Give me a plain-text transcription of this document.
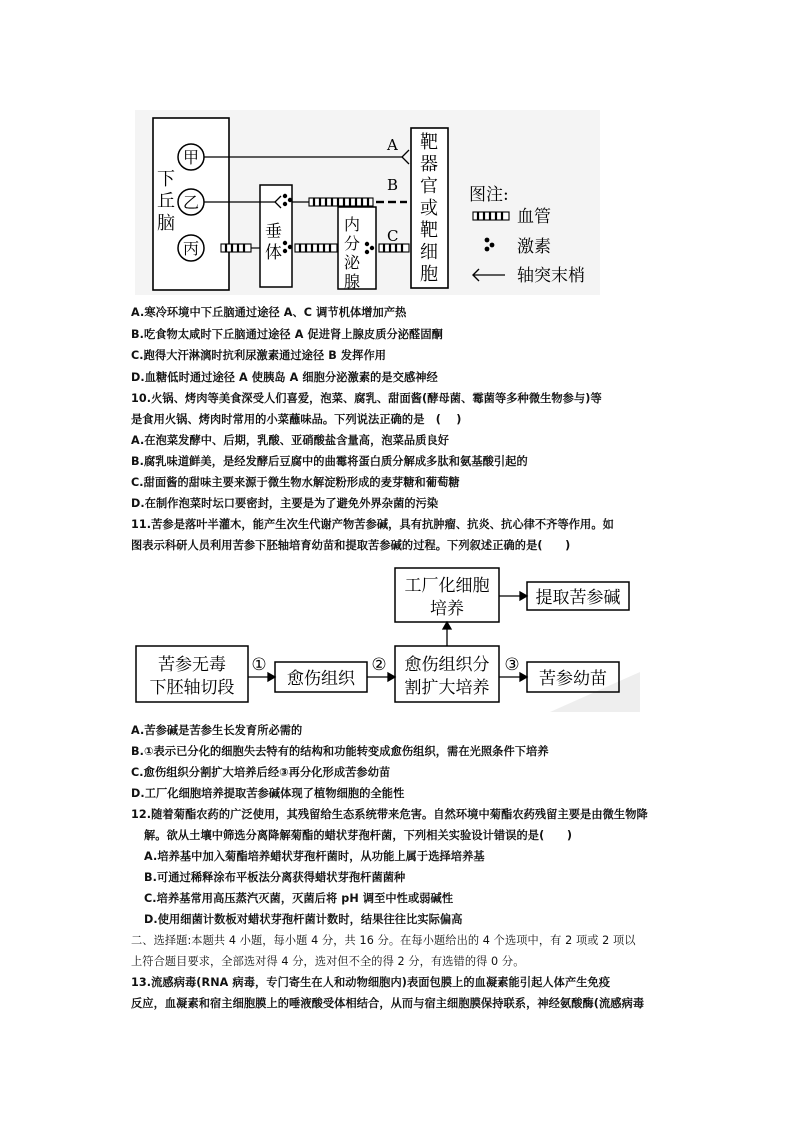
下
丘
脑
甲
乙
丙
A
垂
体
B
内
分
泌
腺
C
靶
器
官
或
靶
细
胞
图注:
血管
激素
轴突末梢
A.寒冷环境中下丘脑通过途径 A、C 调节机体增加产热
B.吃食物太咸时下丘脑通过途径 A 促进肾上腺皮质分泌醛固酮
C.跑得大汗淋漓时抗利尿激素通过途径 B 发挥作用
D.血糖低时通过途径 A 使胰岛 A 细胞分泌激素的是交感神经
10.火锅、烤肉等美食深受人们喜爱，泡菜、腐乳、甜面酱(酵母菌、霉菌等多种微生物参与)等
是食用火锅、烤肉时常用的小菜蘸味品。下列说法正确的是　(　 )
A.在泡菜发酵中、后期，乳酸、亚硝酸盐含量高，泡菜品质良好
B.腐乳味道鲜美，是经发酵后豆腐中的曲霉将蛋白质分解成多肽和氨基酸引起的
C.甜面酱的甜味主要来源于微生物水解淀粉形成的麦芽糖和葡萄糖
D.在制作泡菜时坛口要密封，主要是为了避免外界杂菌的污染
11.苦参是落叶半灌木，能产生次生代谢产物苦参碱，具有抗肿瘤、抗炎、抗心律不齐等作用。如
图表示科研人员利用苦参下胚轴培育幼苗和提取苦参碱的过程。下列叙述正确的是(　　)
苦参无毒
下胚轴切段
①
愈伤组织
② 愈伤组织分
割扩大培养
③
苦参幼苗
工厂化细胞
培养
提取苦参碱
A.苦参碱是苦参生长发育所必需的
B.①表示已分化的细胞失去特有的结构和功能转变成愈伤组织，需在光照条件下培养
C.愈伤组织分割扩大培养后经③再分化形成苦参幼苗
D.工厂化细胞培养提取苦参碱体现了植物细胞的全能性
12.随着菊酯农药的广泛使用，其残留给生态系统带来危害。自然环境中菊酯农药残留主要是由微生物降
解。欲从土壤中筛选分离降解菊酯的蜡状芽孢杆菌，下列相关实验设计错误的是(　　)
A.培养基中加入菊酯培养蜡状芽孢杆菌时，从功能上属于选择培养基
B.可通过稀释涂布平板法分离获得蜡状芽孢杆菌菌种
C.培养基常用高压蒸汽灭菌，灭菌后将 pH 调至中性或弱碱性
D.使用细菌计数板对蜡状芽孢杆菌计数时，结果往往比实际偏高
二、选择题:本题共 4 小题，每小题 4 分，共 16 分。在每小题给出的 4 个选项中，有 2 项或 2 项以
上符合题目要求，全部选对得 4 分，选对但不全的得 2 分，有选错的得 0 分。
13.流感病毒(RNA 病毒，专门寄生在人和动物细胞内)表面包膜上的血凝素能引起人体产生免疫
反应，血凝素和宿主细胞膜上的唾液酸受体相结合，从而与宿主细胞膜保持联系，神经氨酸酶(流感病毒
